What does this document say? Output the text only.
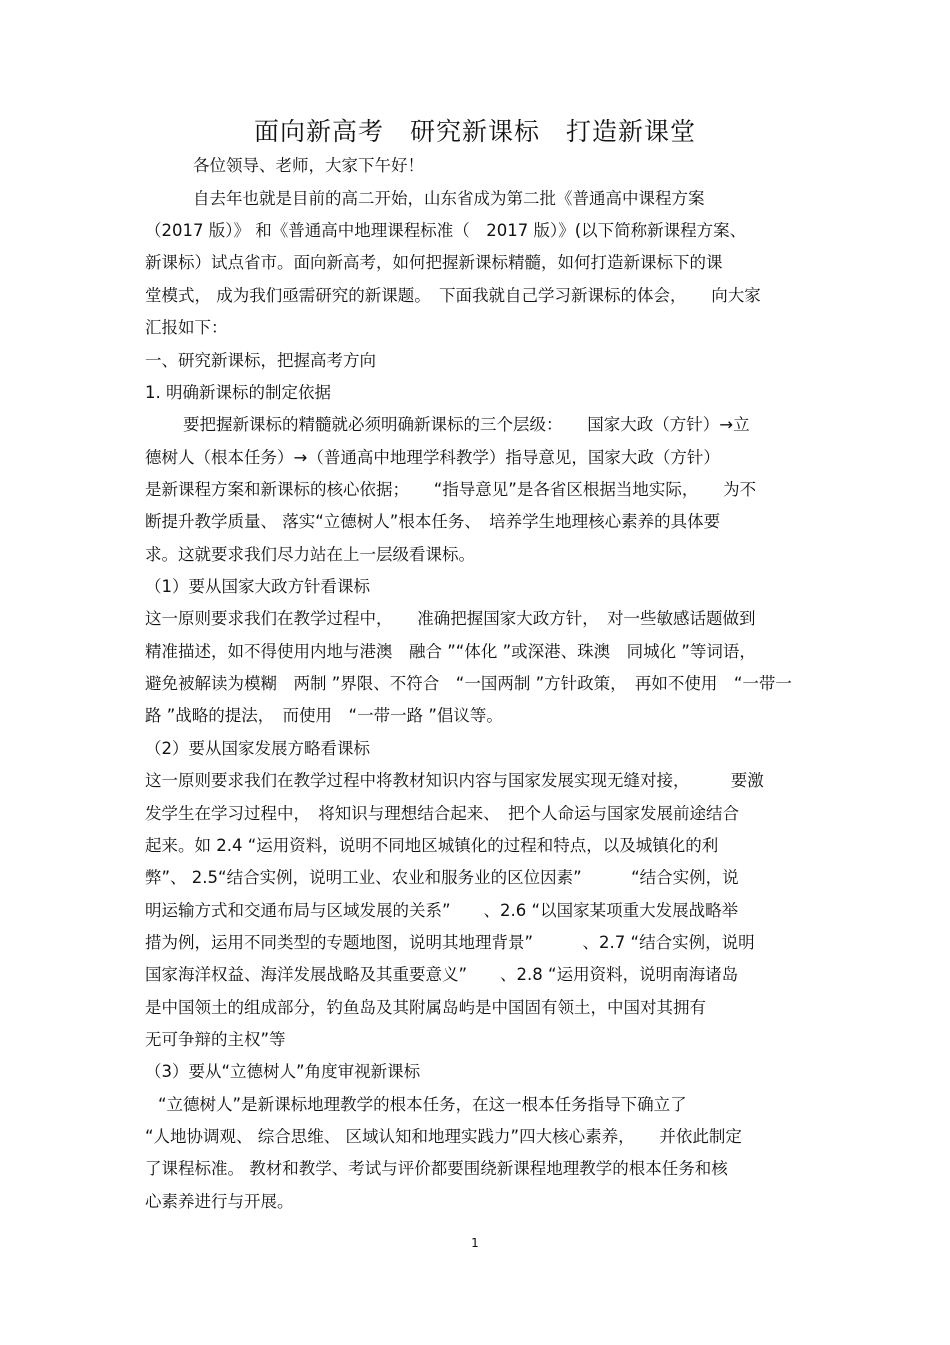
面向新高考　研究新课标　打造新课堂
各位领导、老师，大家下午好！
自去年也就是目前的高二开始，山东省成为第二批《普通高中课程方案
（2017 版）》 和《普通高中地理课程标准（　2017 版）》(以下简称新课程方案、
新课标）试点省市。面向新高考，如何把握新课标精髓，如何打造新课标下的课
堂模式， 成为我们亟需研究的新课题。　下面我就自己学习新课标的体会，　　向大家
汇报如下：
一、研究新课标，把握高考方向
1. 明确新课标的制定依据
要把握新课标的精髓就必须明确新课标的三个层级：　　国家大政（方针）→立
德树人（根本任务）→（普通高中地理学科教学）指导意见，国家大政（方针）
是新课程方案和新课标的核心依据；　　“指导意见”是各省区根据当地实际，　　为不
断提升教学质量、 落实“立德树人”根本任务、　培养学生地理核心素养的具体要
求。这就要求我们尽力站在上一层级看课标。
（1）要从国家大政方针看课标
这一原则要求我们在教学过程中，　　准确把握国家大政方针，　对一些敏感话题做到
精准描述，如不得使用内地与港澳　融合 ”“体化 ”或深港、珠澳　同城化 ”等词语，
避免被解读为模糊　两制 ”界限、不符合　“一国两制 ”方针政策，　再如不使用　“一带一
路 ”战略的提法，　而使用　“一带一路 ”倡议等。
（2）要从国家发展方略看课标
这一原则要求我们在教学过程中将教材知识内容与国家发展实现无缝对接，　　　要激
发学生在学习过程中，　将知识与理想结合起来、　把个人命运与国家发展前途结合
起来。如 2.4 “运用资料，说明不同地区城镇化的过程和特点，以及城镇化的利
弊”、 2.5“结合实例，说明工业、农业和服务业的区位因素”　　　“结合实例，说
明运输方式和交通布局与区域发展的关系”　　、2.6 “以国家某项重大发展战略举
措为例，运用不同类型的专题地图，说明其地理背景”　　　、2.7 “结合实例，说明
国家海洋权益、海洋发展战略及其重要意义”　　、2.8 “运用资料，说明南海诸岛
是中国领土的组成部分，钓鱼岛及其附属岛屿是中国固有领土，中国对其拥有
无可争辩的主权”等
（3）要从“立德树人”角度审视新课标
“立德树人”是新课标地理教学的根本任务，在这一根本任务指导下确立了
“人地协调观、 综合思维、 区域认知和地理实践力”四大核心素养，　　并依此制定
了课程标准。 教材和教学、考试与评价都要围绕新课程地理教学的根本任务和核
心素养进行与开展。
1
